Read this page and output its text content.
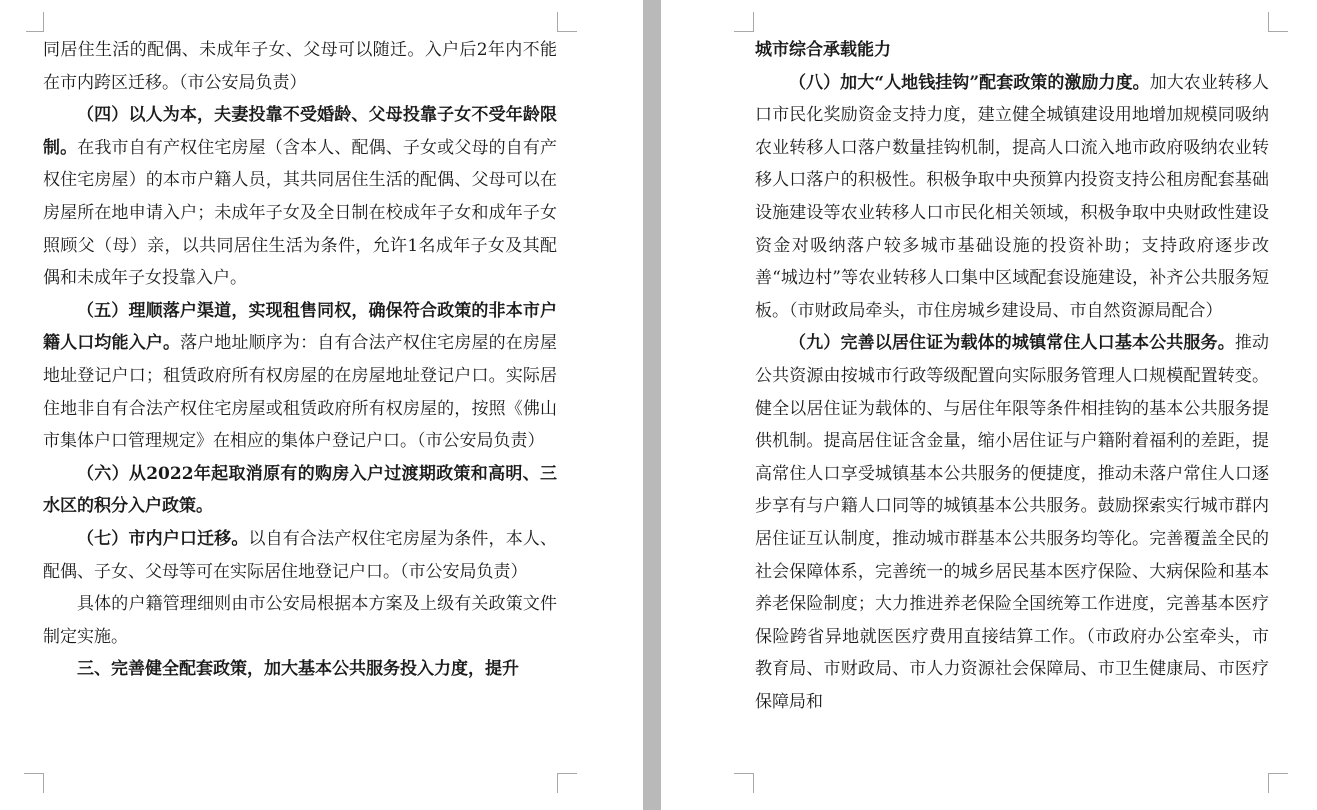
同居住生活的配偶、未成年子女、父母可以随迁。入户后2年内不能在市内跨区迁移。（市公安局负责）

（四）以人为本，夫妻投靠不受婚龄、父母投靠子女不受年龄限制。在我市自有产权住宅房屋（含本人、配偶、子女或父母的自有产权住宅房屋）的本市户籍人员，其共同居住生活的配偶、父母可以在房屋所在地申请入户；未成年子女及全日制在校成年子女和成年子女照顾父（母）亲，以共同居住生活为条件，允许1名成年子女及其配偶和未成年子女投靠入户。

（五）理顺落户渠道，实现租售同权，确保符合政策的非本市户籍人口均能入户。落户地址顺序为：自有合法产权住宅房屋的在房屋地址登记户口；租赁政府所有权房屋的在房屋地址登记户口。实际居住地非自有合法产权住宅房屋或租赁政府所有权房屋的，按照《佛山市集体户口管理规定》在相应的集体户登记户口。（市公安局负责）

（六）从2022年起取消原有的购房入户过渡期政策和高明、三水区的积分入户政策。

（七）市内户口迁移。以自有合法产权住宅房屋为条件，本人、配偶、子女、父母等可在实际居住地登记户口。（市公安局负责）

具体的户籍管理细则由市公安局根据本方案及上级有关政策文件制定实施。

三、完善健全配套政策，加大基本公共服务投入力度，提升

城市综合承载能力

（八）加大“人地钱挂钩”配套政策的激励力度。加大农业转移人口市民化奖励资金支持力度，建立健全城镇建设用地增加规模同吸纳农业转移人口落户数量挂钩机制，提高人口流入地市政府吸纳农业转移人口落户的积极性。积极争取中央预算内投资支持公租房配套基础设施建设等农业转移人口市民化相关领域，积极争取中央财政性建设资金对吸纳落户较多城市基础设施的投资补助；支持政府逐步改善“城边村”等农业转移人口集中区域配套设施建设，补齐公共服务短板。（市财政局牵头，市住房城乡建设局、市自然资源局配合）

（九）完善以居住证为载体的城镇常住人口基本公共服务。推动公共资源由按城市行政等级配置向实际服务管理人口规模配置转变。健全以居住证为载体的、与居住年限等条件相挂钩的基本公共服务提供机制。提高居住证含金量，缩小居住证与户籍附着福利的差距，提高常住人口享受城镇基本公共服务的便捷度，推动未落户常住人口逐步享有与户籍人口同等的城镇基本公共服务。鼓励探索实行城市群内居住证互认制度，推动城市群基本公共服务均等化。完善覆盖全民的社会保障体系，完善统一的城乡居民基本医疗保险、大病保险和基本养老保险制度；大力推进养老保险全国统筹工作进度，完善基本医疗保险跨省异地就医医疗费用直接结算工作。（市政府办公室牵头，市教育局、市财政局、市人力资源社会保障局、市卫生健康局、市医疗保障局和
